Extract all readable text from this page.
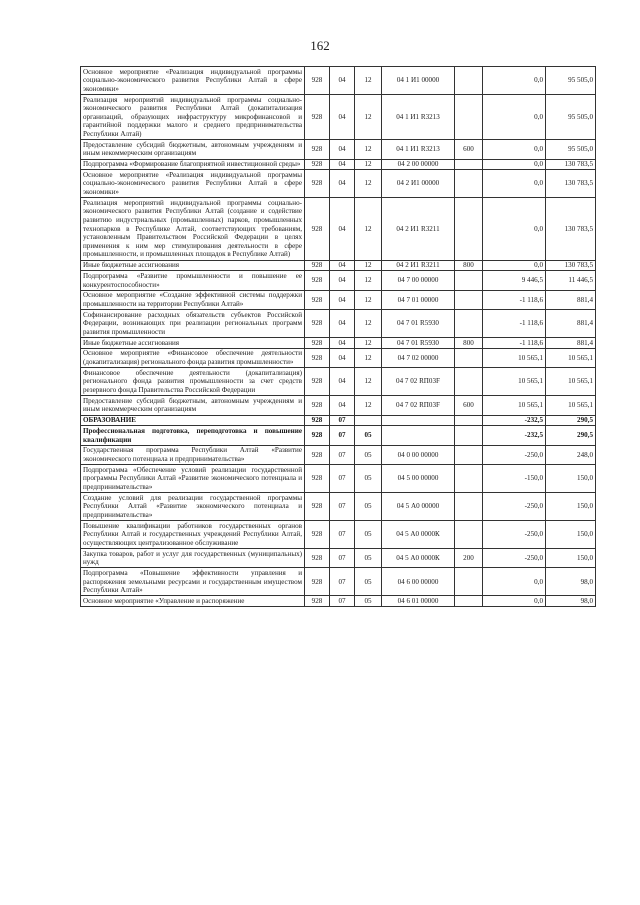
162
Основное мероприятие «Реализация индивидуальной программы социально-экономического развития Республики Алтай в сфере экономики»	928	04	12	04 1 И1 00000		0,0	95 505,0
Реализация мероприятий индивидуальной программы социально-экономического развития Республики Алтай (докапитализация организаций, образующих инфраструктуру микрофинансовой и гарантийной поддержки малого и среднего предпринимательства Республики Алтай)	928	04	12	04 1 И1 R3213		0,0	95 505,0
Предоставление субсидий бюджетным, автономным учреждениям и иным некоммерческим организациям	928	04	12	04 1 И1 R3213	600	0,0	95 505,0
Подпрограмма «Формирование благоприятной инвестиционной среды»	928	04	12	04 2 00 00000		0,0	130 783,5
Основное мероприятие «Реализация индивидуальной программы социально-экономического развития Республики Алтай в сфере экономики»	928	04	12	04 2 И1 00000		0,0	130 783,5
Реализация мероприятий индивидуальной программы социально-экономического развития Республики Алтай (создание и содействие развитию индустриальных (промышленных) парков, промышленных технопарков в Республике Алтай, соответствующих требованиям, установленным Правительством Российской Федерации в целях применения к ним мер стимулирования деятельности в сфере промышленности, и промышленных площадок в Республике Алтай)	928	04	12	04 2 И1 R3211		0,0	130 783,5
Иные бюджетные ассигнования	928	04	12	04 2 И1 R3211	800	0,0	130 783,5
Подпрограмма «Развитие промышленности и повышение ее конкурентоспособности»	928	04	12	04 7 00 00000		9 446,5	11 446,5
Основное мероприятие «Создание эффективной системы поддержки промышленности на территории Республики Алтай»	928	04	12	04 7 01 00000		-1 118,6	881,4
Софинансирование расходных обязательств субъектов Российской Федерации, возникающих при реализации региональных программ развития промышленности	928	04	12	04 7 01 R5930		-1 118,6	881,4
Иные бюджетные ассигнования	928	04	12	04 7 01 R5930	800	-1 118,6	881,4
Основное мероприятие «Финансовое обеспечение деятельности (докапитализация) регионального фонда развития промышленности»	928	04	12	04 7 02 00000		10 565,1	10 565,1
Финансовое обеспечение деятельности (докапитализация) регионального фонда развития промышленности за счет средств резервного фонда Правительства Российской Федерации	928	04	12	04 7 02 RП03F		10 565,1	10 565,1
Предоставление субсидий бюджетным, автономным учреждениям и иным некоммерческим организациям	928	04	12	04 7 02 RП03F	600	10 565,1	10 565,1
ОБРАЗОВАНИЕ	928	07				-232,5	290,5
Профессиональная подготовка, переподготовка и повышение квалификации	928	07	05			-232,5	290,5
Государственная программа Республики Алтай «Развитие экономического потенциала и предпринимательства»	928	07	05	04 0 00 00000		-250,0	248,0
Подпрограмма «Обеспечение условий реализации государственной программы Республики Алтай «Развитие экономического потенциала и предпринимательства»	928	07	05	04 5 00 00000		-150,0	150,0
Создание условий для реализации государственной программы Республики Алтай «Развитие экономического потенциала и предпринимательства»	928	07	05	04 5 А0 00000		-250,0	150,0
Повышение квалификации работников государственных органов Республики Алтай и государственных учреждений Республики Алтай, осуществляющих централизованное обслуживание	928	07	05	04 5 А0 0000К		-250,0	150,0
Закупка товаров, работ и услуг для государственных (муниципальных) нужд	928	07	05	04 5 А0 0000К	200	-250,0	150,0
Подпрограмма «Повышение эффективности управления и распоряжения земельными ресурсами и государственным имуществом Республики Алтай»	928	07	05	04 6 00 00000		0,0	98,0
Основное мероприятие «Управление и распоряжение	928	07	05	04 6 01 00000		0,0	98,0
